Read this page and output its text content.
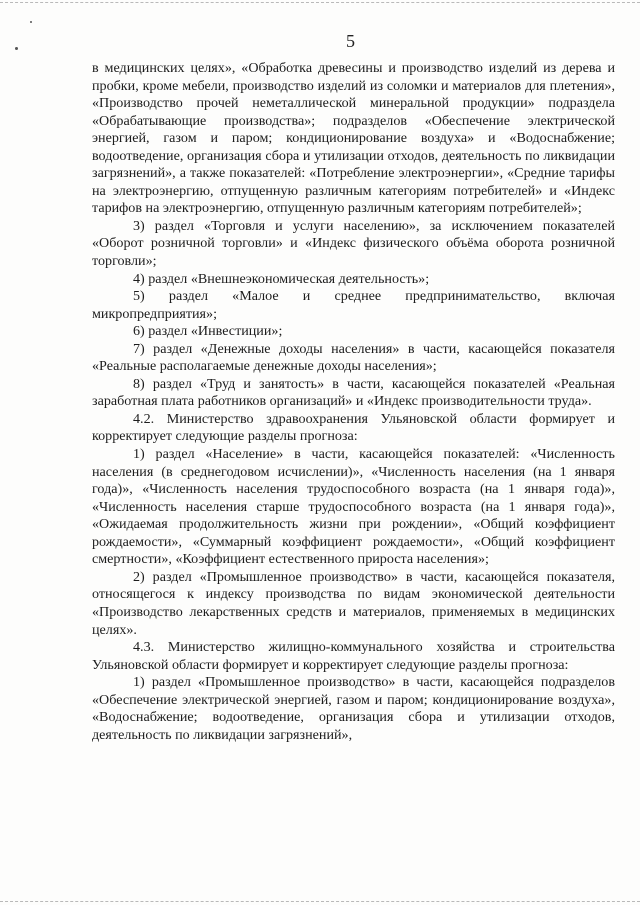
5

в медицинских целях», «Обработка древесины и производство изделий из дерева и пробки, кроме мебели, производство изделий из соломки и материалов для плетения», «Производство прочей неметаллической минеральной продукции» подраздела «Обрабатывающие производства»; подразделов «Обеспечение электрической энергией, газом и паром; кондиционирование воздуха» и «Водоснабжение; водоотведение, организация сбора и утилизации отходов, деятельность по ликвидации загрязнений», а также показателей: «Потребление электроэнергии», «Средние тарифы на электроэнергию, отпущенную различным категориям потребителей» и «Индекс тарифов на электроэнергию, отпущенную различным категориям потребителей»;

3) раздел «Торговля и услуги населению», за исключением показателей «Оборот розничной торговли» и «Индекс физического объёма оборота розничной торговли»;

4) раздел «Внешнеэкономическая деятельность»;

5) раздел «Малое и среднее предпринимательство, включая микропредприятия»;

6) раздел «Инвестиции»;

7) раздел «Денежные доходы населения» в части, касающейся показателя «Реальные располагаемые денежные доходы населения»;

8) раздел «Труд и занятость» в части, касающейся показателей «Реальная заработная плата работников организаций» и «Индекс производительности труда».

4.2. Министерство здравоохранения Ульяновской области формирует и корректирует следующие разделы прогноза:

1) раздел «Население» в части, касающейся показателей: «Численность населения (в среднегодовом исчислении)», «Численность населения (на 1 января года)», «Численность населения трудоспособного возраста (на 1 января года)», «Численность населения старше трудоспособного возраста (на 1 января года)», «Ожидаемая продолжительность жизни при рождении», «Общий коэффициент рождаемости», «Суммарный коэффициент рождаемости», «Общий коэффициент смертности», «Коэффициент естественного прироста населения»;

2) раздел «Промышленное производство» в части, касающейся показателя, относящегося к индексу производства по видам экономической деятельности «Производство лекарственных средств и материалов, применяемых в медицинских целях».

4.3. Министерство жилищно-коммунального хозяйства и строительства Ульяновской области формирует и корректирует следующие разделы прогноза:

1) раздел «Промышленное производство» в части, касающейся подразделов «Обеспечение электрической энергией, газом и паром; кондиционирование воздуха», «Водоснабжение; водоотведение, организация сбора и утилизации отходов, деятельность по ликвидации загрязнений»,
